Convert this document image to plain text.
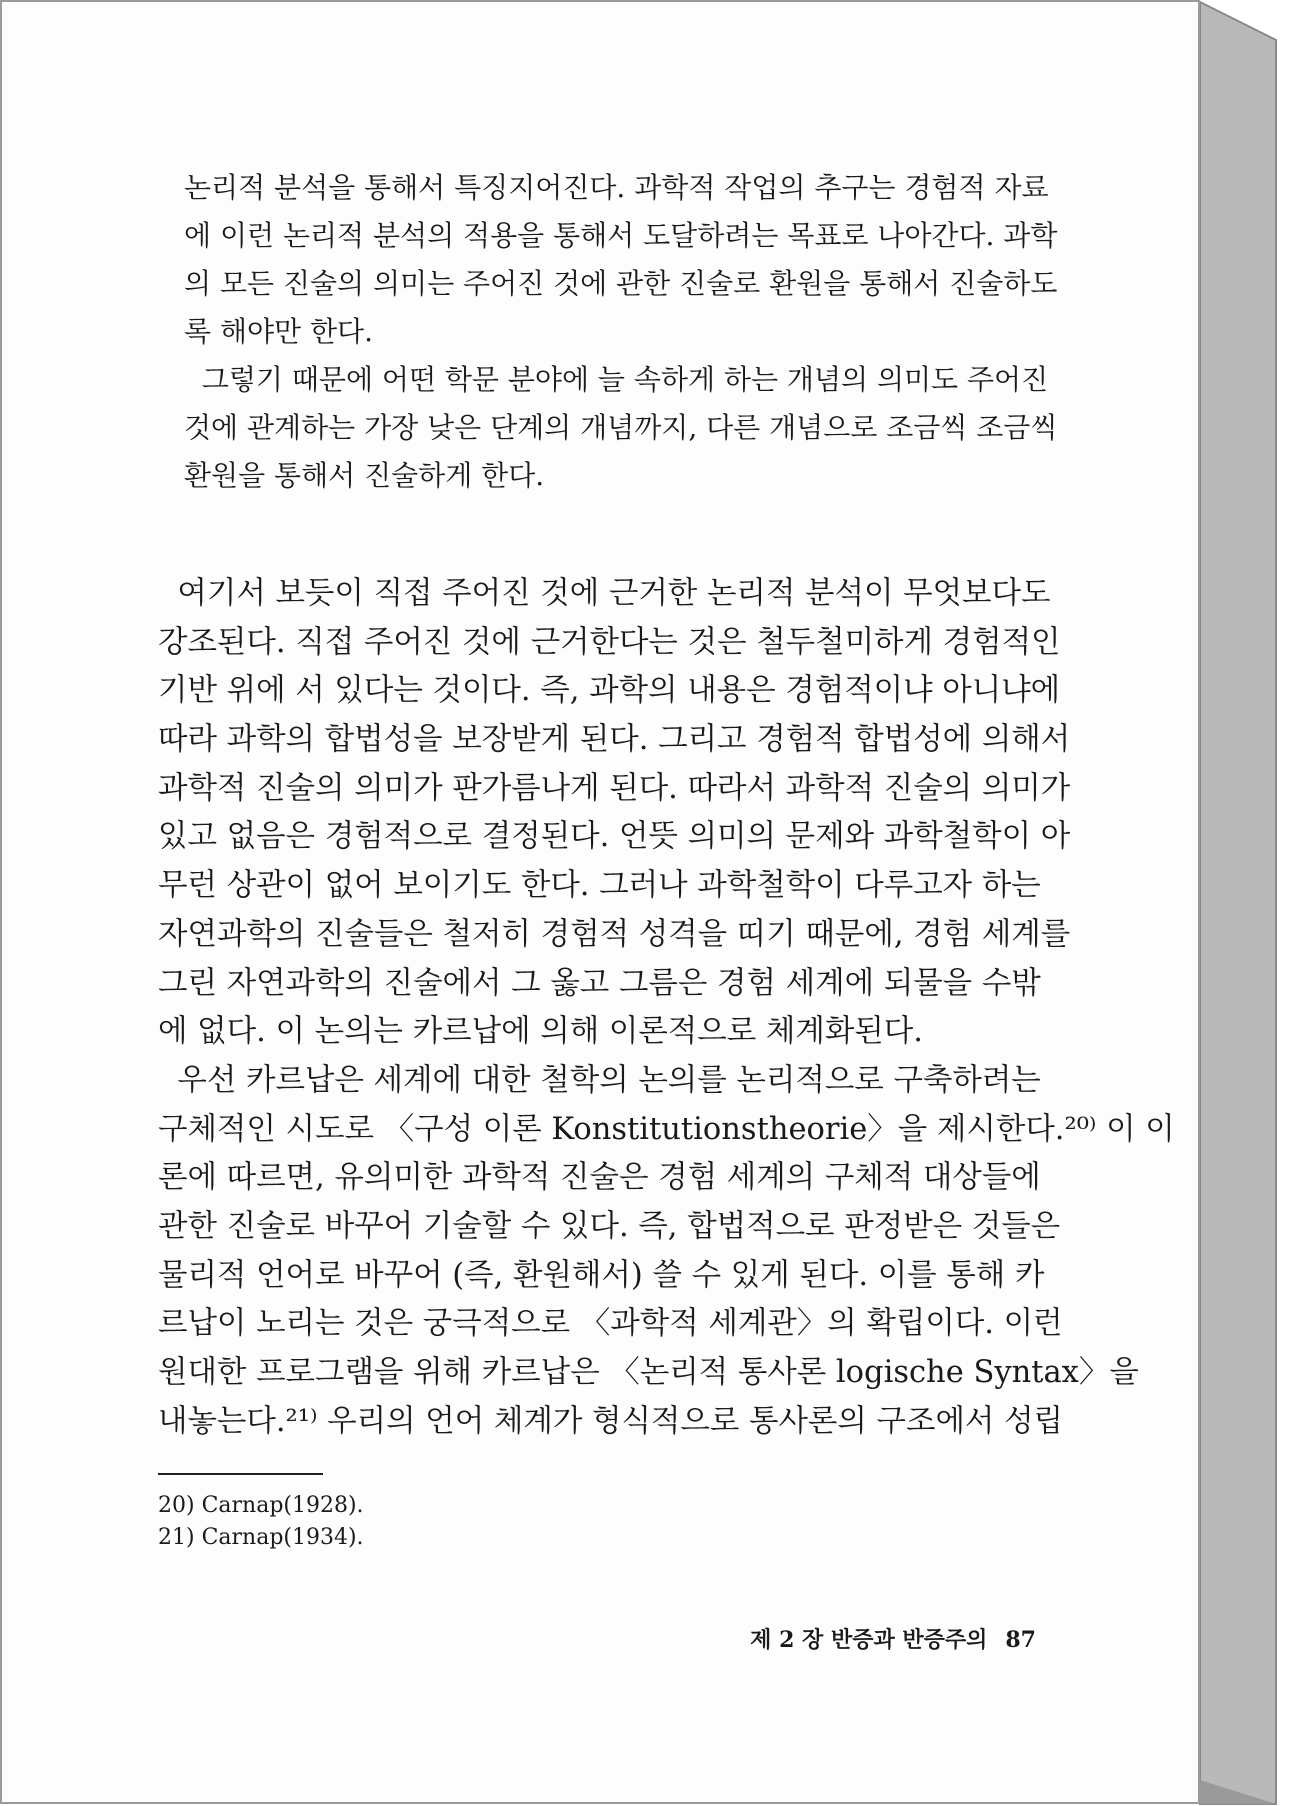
논리적 분석을 통해서 특징지어진다. 과학적 작업의 추구는 경험적 자료
에 이런 논리적 분석의 적용을 통해서 도달하려는 목표로 나아간다. 과학
의 모든 진술의 의미는 주어진 것에 관한 진술로 환원을 통해서 진술하도
록 해야만 한다.
그렇기 때문에 어떤 학문 분야에 늘 속하게 하는 개념의 의미도 주어진
것에 관계하는 가장 낮은 단계의 개념까지, 다른 개념으로 조금씩 조금씩
환원을 통해서 진술하게 한다.
여기서 보듯이 직접 주어진 것에 근거한 논리적 분석이 무엇보다도
강조된다. 직접 주어진 것에 근거한다는 것은 철두철미하게 경험적인
기반 위에 서 있다는 것이다. 즉, 과학의 내용은 경험적이냐 아니냐에
따라 과학의 합법성을 보장받게 된다. 그리고 경험적 합법성에 의해서
과학적 진술의 의미가 판가름나게 된다. 따라서 과학적 진술의 의미가
있고 없음은 경험적으로 결정된다. 언뜻 의미의 문제와 과학철학이 아
무런 상관이 없어 보이기도 한다. 그러나 과학철학이 다루고자 하는
자연과학의 진술들은 철저히 경험적 성격을 띠기 때문에, 경험 세계를
그린 자연과학의 진술에서 그 옳고 그름은 경험 세계에 되물을 수밖
에 없다. 이 논의는 카르납에 의해 이론적으로 체계화된다.
우선 카르납은 세계에 대한 철학의 논의를 논리적으로 구축하려는
구체적인 시도로 〈구성 이론 Konstitutionstheorie〉을 제시한다.²⁰⁾ 이 이
론에 따르면, 유의미한 과학적 진술은 경험 세계의 구체적 대상들에
관한 진술로 바꾸어 기술할 수 있다. 즉, 합법적으로 판정받은 것들은
물리적 언어로 바꾸어 (즉, 환원해서) 쓸 수 있게 된다. 이를 통해 카
르납이 노리는 것은 궁극적으로 〈과학적 세계관〉의 확립이다. 이런
원대한 프로그램을 위해 카르납은 〈논리적 통사론 logische Syntax〉을
내놓는다.²¹⁾ 우리의 언어 체계가 형식적으로 통사론의 구조에서 성립
20) Carnap(1928).
21) Carnap(1934).
제 2 장 반증과 반증주의 87
